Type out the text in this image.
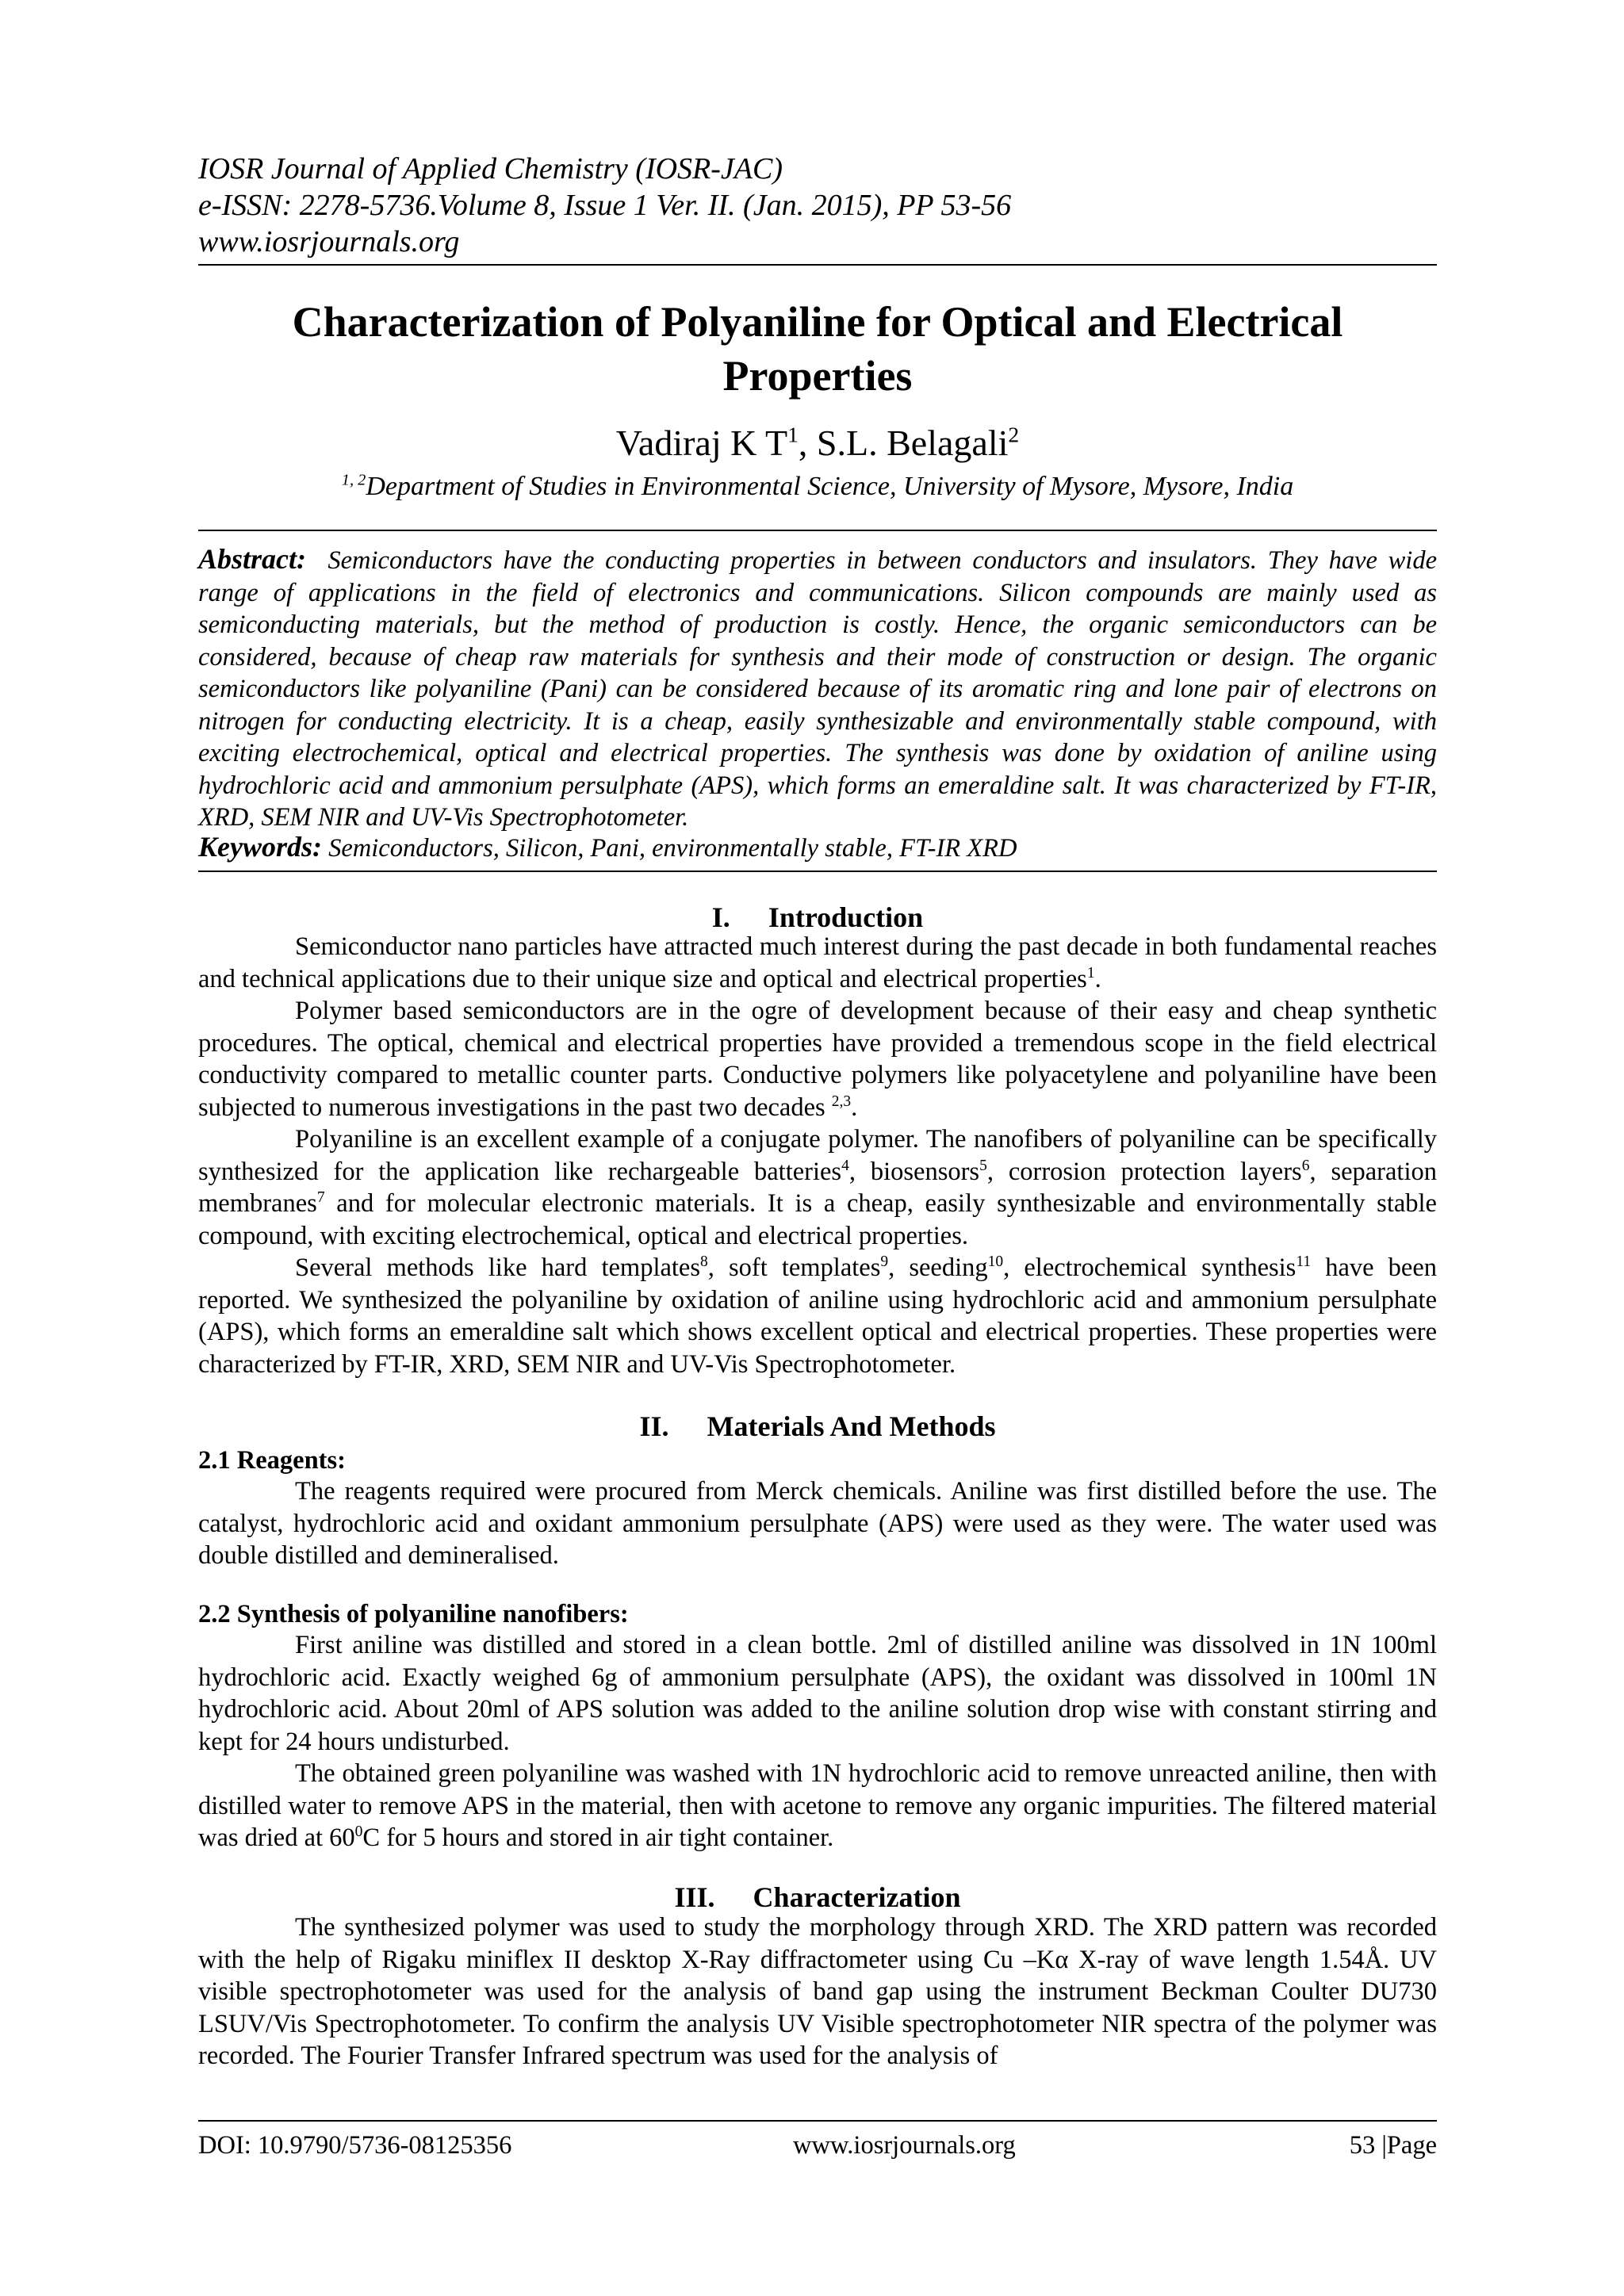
IOSR Journal of Applied Chemistry (IOSR-JAC)
e-ISSN: 2278-5736.Volume 8, Issue 1 Ver. II. (Jan. 2015), PP 53-56
www.iosrjournals.org
Characterization of Polyaniline for Optical and Electrical Properties
Vadiraj K $T^1$, S.L. Belagali$^2$
$^{1, 2}$Department of Studies in Environmental Science, University of Mysore, Mysore, India
Abstract: Semiconductors have the conducting properties in between conductors and insulators. They have wide range of applications in the field of electronics and communications. Silicon compounds are mainly used as semiconducting materials, but the method of production is costly. Hence, the organic semiconductors can be considered, because of cheap raw materials for synthesis and their mode of construction or design. The organic semiconductors like polyaniline (Pani) can be considered because of its aromatic ring and lone pair of electrons on nitrogen for conducting electricity. It is a cheap, easily synthesizable and environmentally stable compound, with exciting electrochemical, optical and electrical properties. The synthesis was done by oxidation of aniline using hydrochloric acid and ammonium persulphate (APS), which forms an emeraldine salt. It was characterized by FT-IR, XRD, SEM NIR and UV-Vis Spectrophotometer.
Keywords: Semiconductors, Silicon, Pani, environmentally stable, FT-IR XRD
I. Introduction

Semiconductor nano particles have attracted much interest during the past decade in both fundamental reaches and technical applications due to their unique size and optical and electrical properties$^1$.

Polymer based semiconductors are in the ogre of development because of their easy and cheap synthetic procedures. The optical, chemical and electrical properties have provided a tremendous scope in the field electrical conductivity compared to metallic counter parts. Conductive polymers like polyacetylene and polyaniline have been subjected to numerous investigations in the past two decades $^{2,3}$.

Polyaniline is an excellent example of a conjugate polymer. The nanofibers of polyaniline can be specifically synthesized for the application like rechargeable batteries$^4$, biosensors$^5$, corrosion protection layers$^6$, separation membranes$^7$ and for molecular electronic materials. It is a cheap, easily synthesizable and environmentally stable compound, with exciting electrochemical, optical and electrical properties.

Several methods like hard templates$^8$, soft templates$^9$, seeding$^{10}$, electrochemical synthesis$^{11}$ have been reported. We synthesized the polyaniline by oxidation of aniline using hydrochloric acid and ammonium persulphate (APS), which forms an emeraldine salt which shows excellent optical and electrical properties. These properties were characterized by FT-IR, XRD, SEM NIR and UV-Vis Spectrophotometer.

II. Materials And Methods
2.1 Reagents:

The reagents required were procured from Merck chemicals. Aniline was first distilled before the use. The catalyst, hydrochloric acid and oxidant ammonium persulphate (APS) were used as they were. The water used was double distilled and demineralised.

2.2 Synthesis of polyaniline nanofibers:

First aniline was distilled and stored in a clean bottle. 2ml of distilled aniline was dissolved in 1N 100ml hydrochloric acid. Exactly weighed 6g of ammonium persulphate (APS), the oxidant was dissolved in 100ml 1N hydrochloric acid. About 20ml of APS solution was added to the aniline solution drop wise with constant stirring and kept for 24 hours undisturbed.

The obtained green polyaniline was washed with 1N hydrochloric acid to remove unreacted aniline, then with distilled water to remove APS in the material, then with acetone to remove any organic impurities. The filtered material was dried at $60^0C$ for 5 hours and stored in air tight container.

III. Characterization

The synthesized polymer was used to study the morphology through XRD. The XRD pattern was recorded with the help of Rigaku miniflex II desktop X-Ray diffractometer using Cu –Kα X-ray of wave length 1.54Å. UV visible spectrophotometer was used for the analysis of band gap using the instrument Beckman Coulter DU730 LSUV/Vis Spectrophotometer. To confirm the analysis UV Visible spectrophotometer NIR spectra of the polymer was recorded. The Fourier Transfer Infrared spectrum was used for the analysis of

DOI: 10.9790/5736-08125356	www.iosrjournals.org	53 |Page
